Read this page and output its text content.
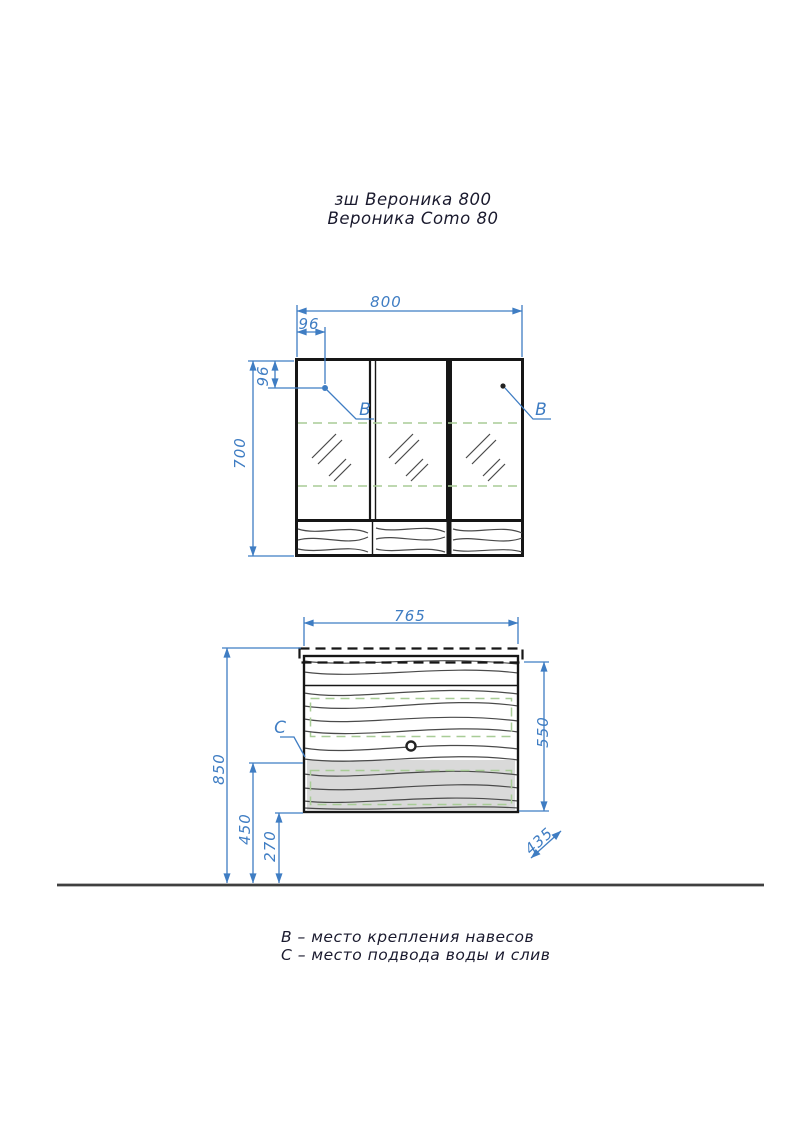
зш Вероника 800
Вероника Como 80
800
96
96
700
765
550
850
450
270	435
B	B
C
B – место крепления навесов
C – место подвода воды и слив
